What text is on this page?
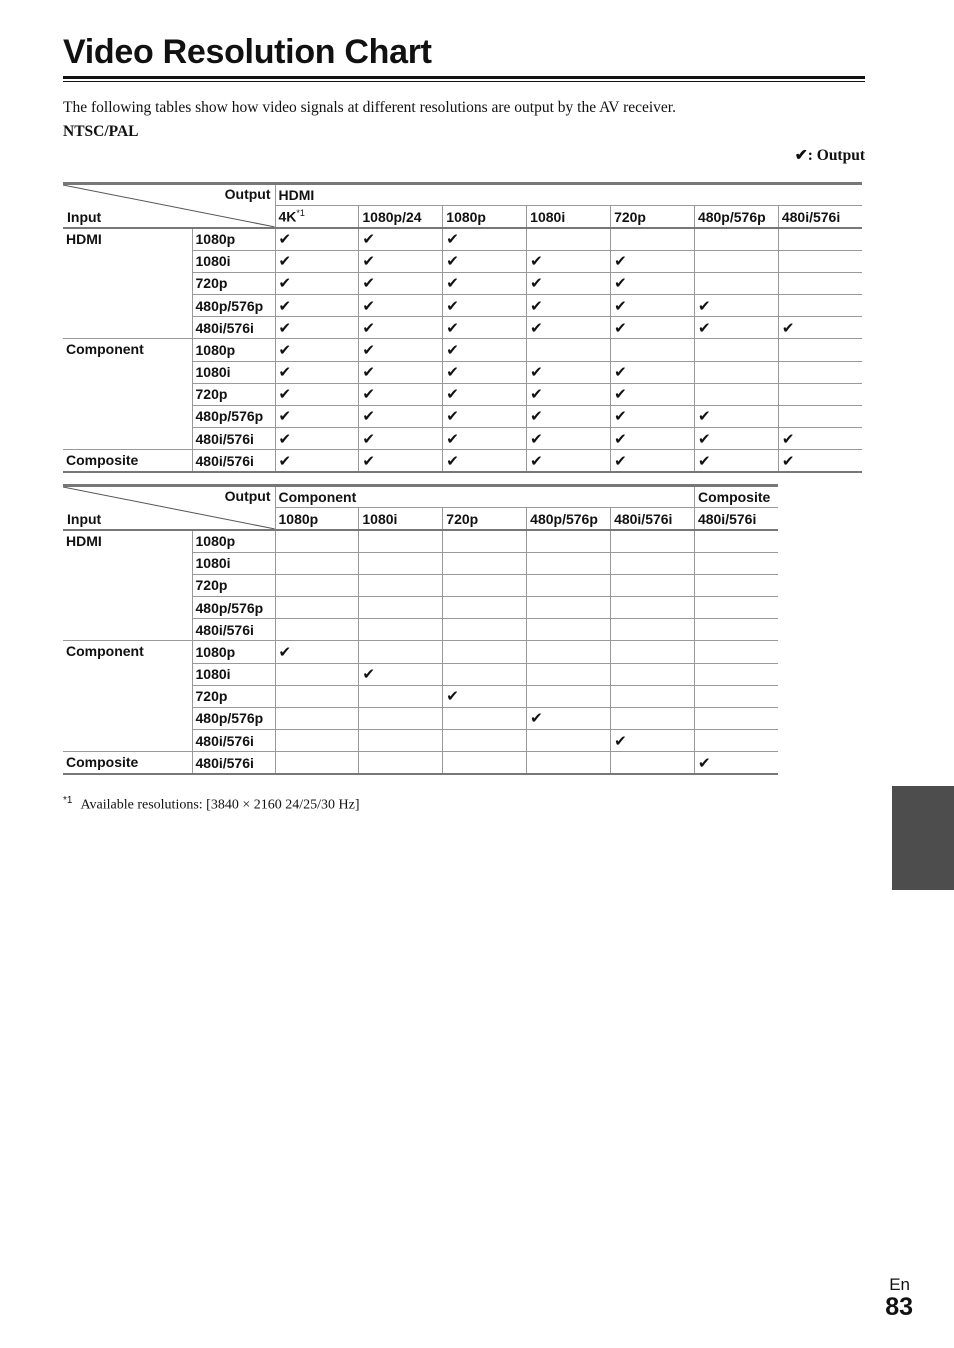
Video Resolution Chart
The following tables show how video signals at different resolutions are output by the AV receiver.
NTSC/PAL
✔: Output
Output
Input		HDMI						
		$4K^{*1}$	1080p/24	1080p	1080i	720p	480p/576p	480i/576i
HDMI	1080p	✔	✔	✔				
	1080i	✔	✔	✔	✔	✔		
	720p	✔	✔	✔	✔	✔		
	480p/576p	✔	✔	✔	✔	✔	✔	
	480i/576i	✔	✔	✔	✔	✔	✔	✔
Component	1080p	✔	✔	✔				
	1080i	✔	✔	✔	✔	✔		
	720p	✔	✔	✔	✔	✔		
	480p/576p	✔	✔	✔	✔	✔	✔	
	480i/576i	✔	✔	✔	✔	✔	✔	✔
Composite	480i/576i	✔	✔	✔	✔	✔	✔	✔
Output
Input		Component					Composite
		1080p	1080i	720p	480p/576p	480i/576i	480i/576i
HDMI	1080p						
	1080i						
	720p						
	480p/576p						
	480i/576i						
Component	1080p	✔					
	1080i		✔				
	720p			✔			
	480p/576p				✔		
	480i/576i					✔	
Composite	480i/576i						✔
$^{*1}$ Available resolutions: [3840 × 2160 24/25/30 Hz]
En
83
